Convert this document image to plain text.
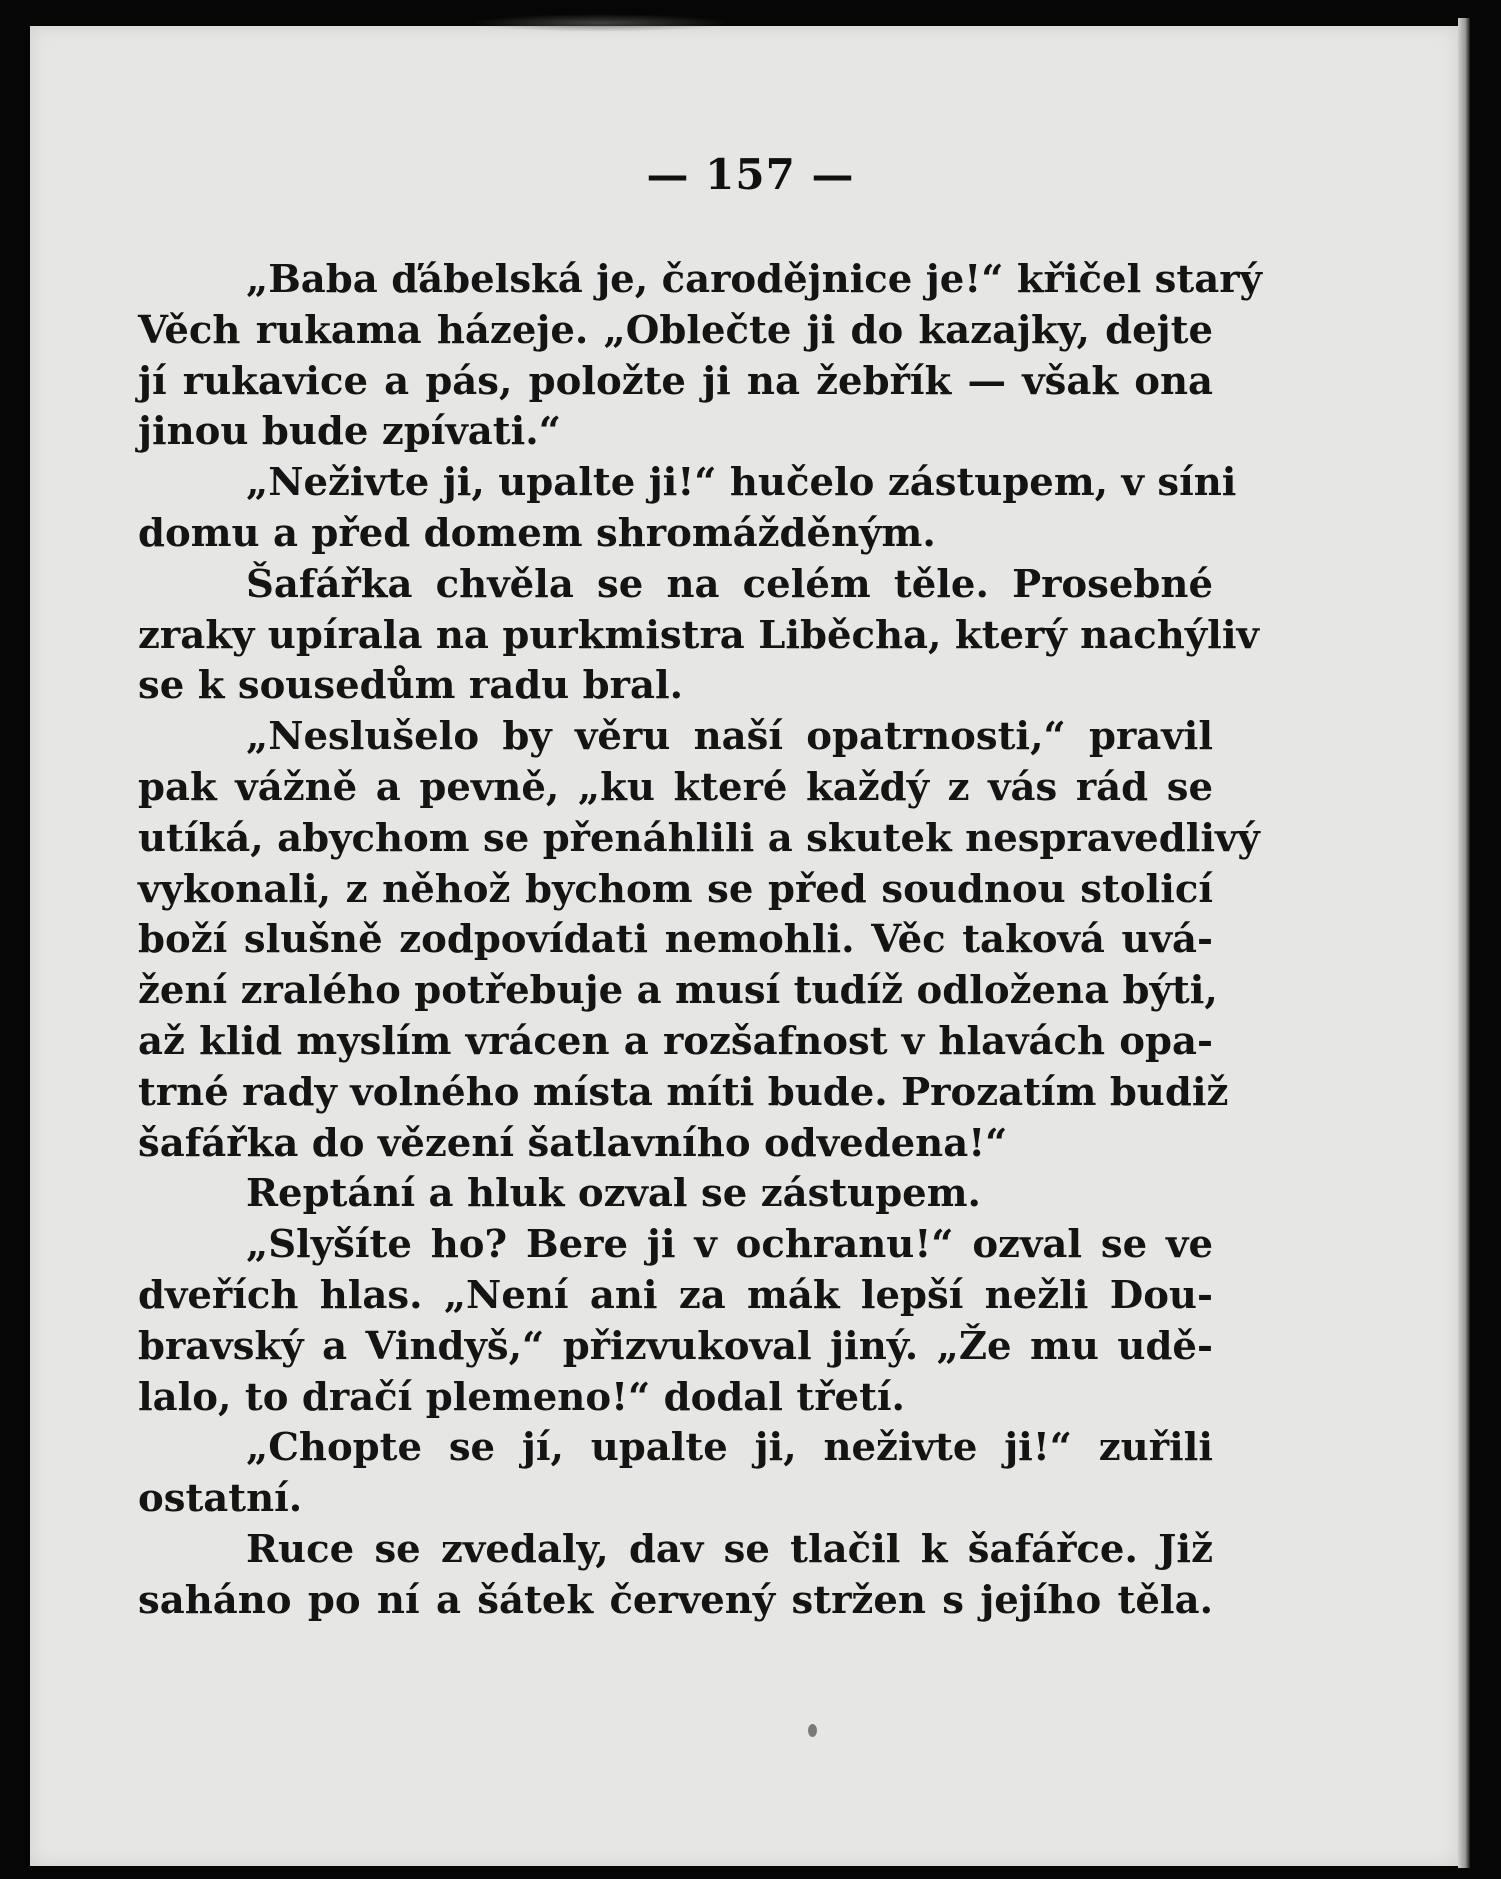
— 157 —
„Baba ďábelská je, čarodějnice je!“ křičel starý
Věch rukama házeje. „Oblečte ji do kazajky, dejte
jí rukavice a pás, položte ji na žebřík — však ona
jinou bude zpívati.“
„Neživte ji, upalte ji!“ hučelo zástupem, v síni
domu a před domem shromážděným.
Šafářka chvěla se na celém těle. Prosebné
zraky upírala na purkmistra Liběcha, který nachýliv
se k sousedům radu bral.
„Neslušelo by věru naší opatrnosti,“ pravil
pak vážně a pevně, „ku které každý z vás rád se
utíká, abychom se přenáhlili a skutek nespravedlivý
vykonali, z něhož bychom se před soudnou stolicí
boží slušně zodpovídati nemohli. Věc taková uvá-
žení zralého potřebuje a musí tudíž odložena býti,
až klid myslím vrácen a rozšafnost v hlavách opa-
trné rady volného místa míti bude. Prozatím budiž
šafářka do vězení šatlavního odvedena!“
Reptání a hluk ozval se zástupem.
„Slyšíte ho? Bere ji v ochranu!“ ozval se ve
dveřích hlas. „Není ani za mák lepší nežli Dou-
bravský a Vindyš,“ přizvukoval jiný. „Že mu udě-
lalo, to dračí plemeno!“ dodal třetí.
„Chopte se jí, upalte ji, neživte ji!“ zuřili
ostatní.
Ruce se zvedaly, dav se tlačil k šafářce. Již
saháno po ní a šátek červený stržen s jejího těla.
